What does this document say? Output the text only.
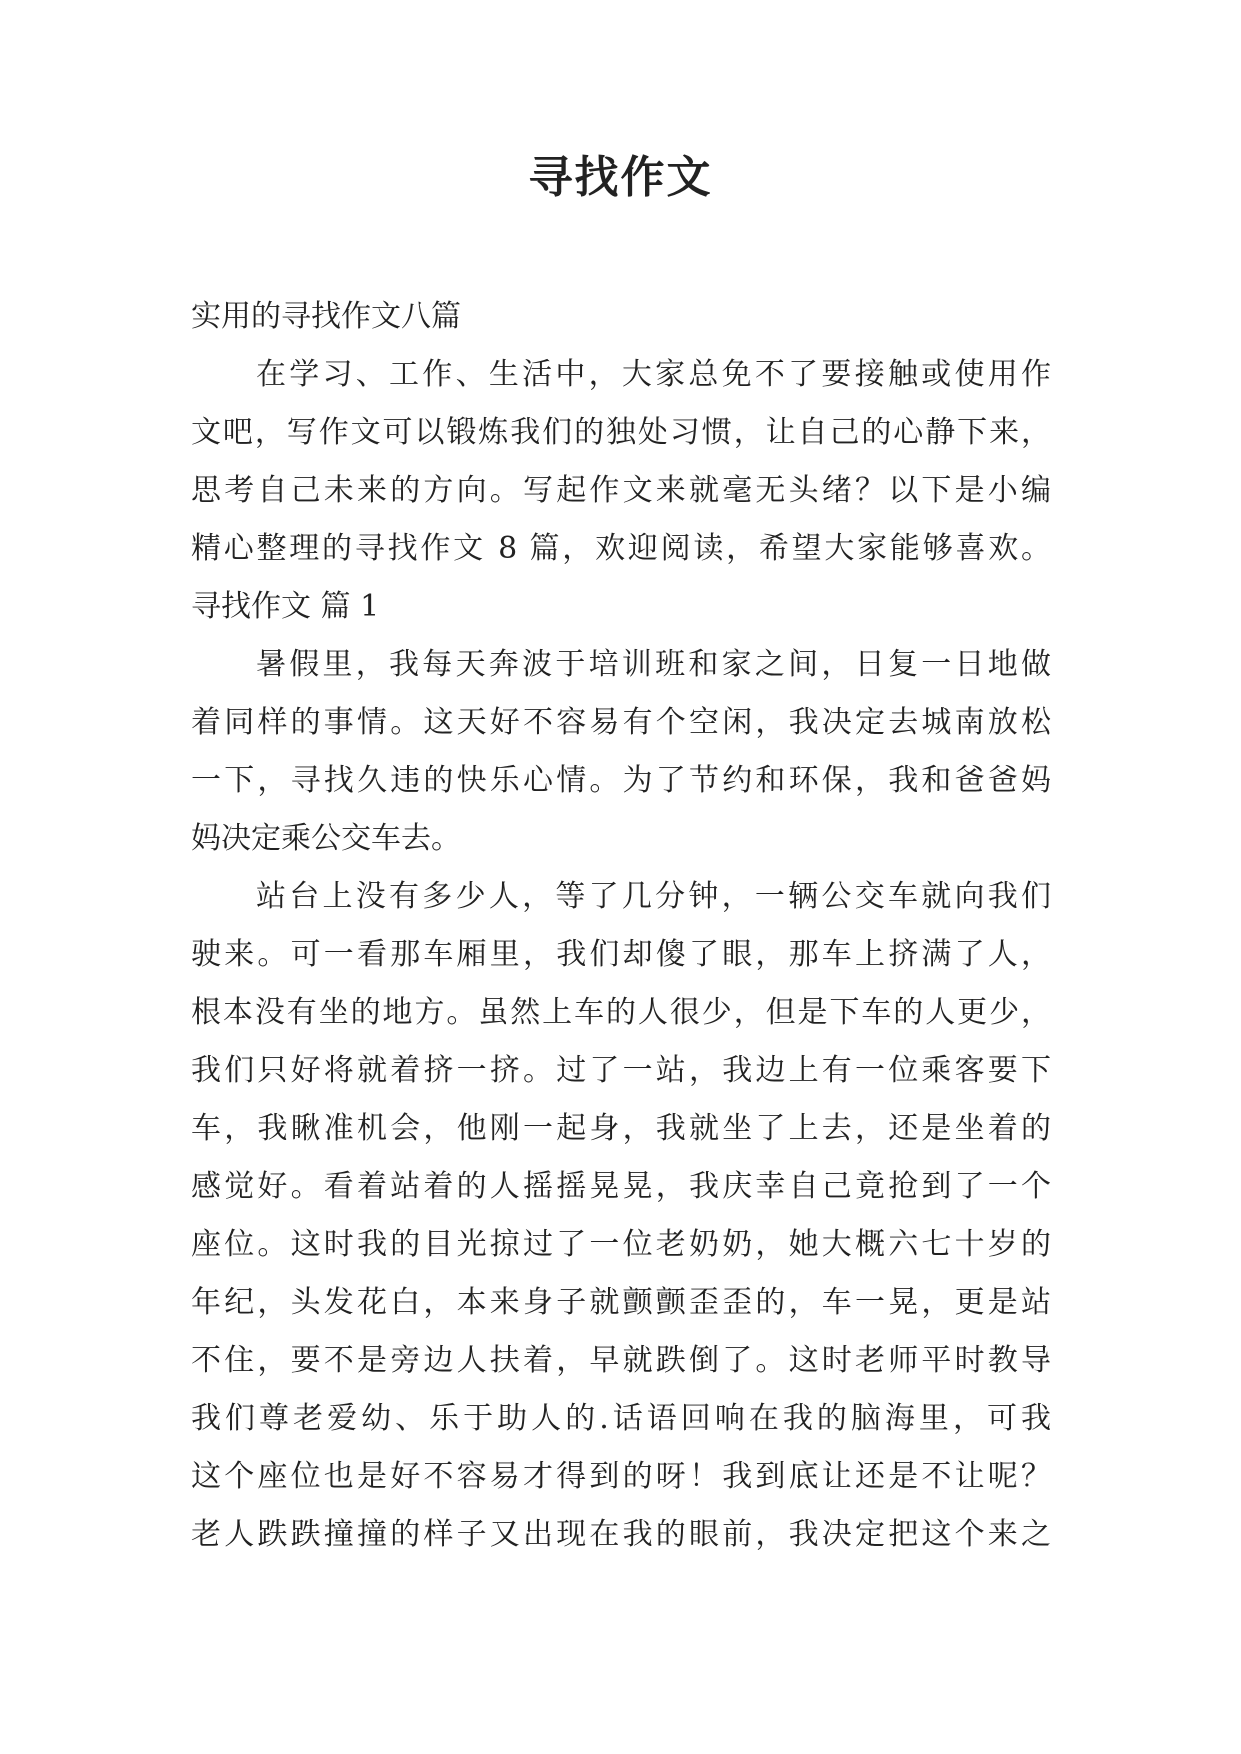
寻找作文

实用的寻找作文八篇

在学习、工作、生活中，大家总免不了要接触或使用作

文吧，写作文可以锻炼我们的独处习惯，让自己的心静下来，

思考自己未来的方向。写起作文来就毫无头绪？以下是小编

精心整理的寻找作文 8 篇，欢迎阅读，希望大家能够喜欢。

寻找作文 篇 1

暑假里，我每天奔波于培训班和家之间，日复一日地做

着同样的事情。这天好不容易有个空闲，我决定去城南放松

一下，寻找久违的快乐心情。为了节约和环保，我和爸爸妈

妈决定乘公交车去。

站台上没有多少人，等了几分钟，一辆公交车就向我们

驶来。可一看那车厢里，我们却傻了眼，那车上挤满了人，

根本没有坐的地方。虽然上车的人很少，但是下车的人更少，

我们只好将就着挤一挤。过了一站，我边上有一位乘客要下

车，我瞅准机会，他刚一起身，我就坐了上去，还是坐着的

感觉好。看着站着的人摇摇晃晃，我庆幸自己竟抢到了一个

座位。这时我的目光掠过了一位老奶奶，她大概六七十岁的

年纪，头发花白，本来身子就颤颤歪歪的，车一晃，更是站

不住，要不是旁边人扶着，早就跌倒了。这时老师平时教导

我们尊老爱幼、乐于助人的.话语回响在我的脑海里，可我

这个座位也是好不容易才得到的呀！我到底让还是不让呢？

老人跌跌撞撞的样子又出现在我的眼前，我决定把这个来之
